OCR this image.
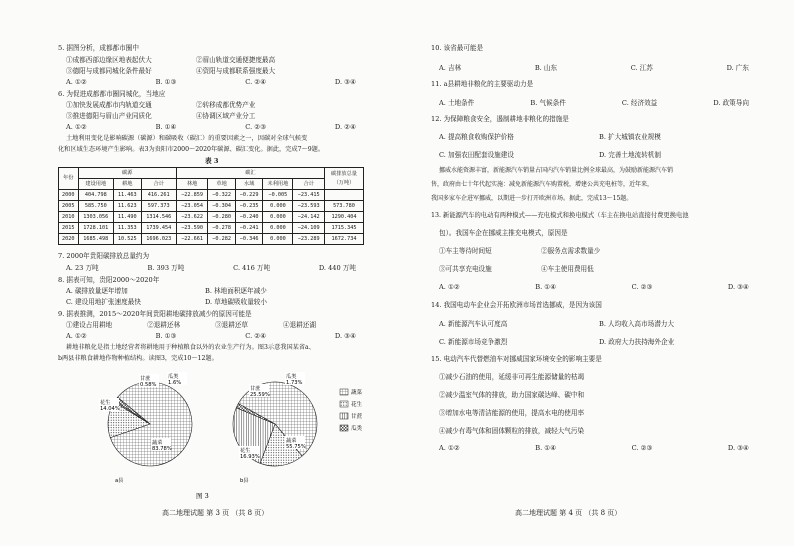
5. 据图分析，成都都市圈中
①成都西部边缘区地表起伏大	②眉山轨道交通便捷度最高
③德阳与成都同城化条件最好	④资阳与成都联系强度最大
A. ①②	B. ①③	C. ②④	D. ③④
6. 为促进成都都市圈同城化，当地应
①加快发展成都市内轨道交通	②转移成都优势产业
③推进德阳与眉山产业同质化	④协调区域产业分工
A. ①②	B. ①④	C. ②③	D. ②④
土地利用变化是影响碳源（碳源）和碳吸收（碳汇）的重要因素之一，因碳对全球气候变
化和区域生态环境产生影响。表3为贵阳市2000～2020年碳源、碳汇变化。据此，完成7～9题。
表 3
年份	碳源			碳汇					碳排放总量（万吨）
	建设用地	耕地	合计	林地	草地	水域	未利用地	合计	
2000	404.798	11.463	416.261	−22.859	−0.322	−0.229	−0.005	−23.415	
2005	585.750	11.623	597.373	−23.054	−0.304	−0.235	0.000	−23.593	573.780
2010	1303.056	11.490	1314.546	−23.622	−0.280	−0.240	0.000	−24.142	1290.404
2015	1728.101	11.353	1739.454	−23.590	−0.278	−0.241	0.000	−24.109	1715.345
2020	1685.498	10.525	1696.023	−22.661	−0.282	−0.346	0.000	−23.289	1672.734
7. 2000年贵阳碳排放总量约为
A. 23 万吨	B. 393 万吨	C. 416 万吨	D. 440 万吨
8. 据表可知，贵阳2000～2020年
A. 碳排放量逐年增加	B. 林地面积逐年减少
C. 建设用地扩张速度最快	D. 草地碳吸收量较小
9. 据表推测，2015～2020年间贵阳耕地碳排放减少的原因可能是
①建设占用耕地	②退耕还林	③退耕还草	④退耕还湖
A. ①②	B. ①③	C. ②④	D. ③④
耕地非粮化是指土地经营者将耕地用于种植粮食以外的农业生产行为。图3示意我国某省a、
b两县非粮食耕地作物种植结构。读图3，完成10～12题。
蔬菜
83.78%
花生
14.04%
甘蔗
0.58%
瓜类
1.6%
蔬菜
55.75%
花生
16.93%
甘蔗
25.59%
瓜类
1.73%
蔬菜
花生
甘蔗
瓜类
a县	b县
图 3
高二地理试题 第 3 页 （共 8 页）
10. 该省最可能是
A. 吉林	B. 山东	C. 江苏	D. 广东
11. a县耕地非粮化的主要驱动力是
A. 土地条件	B. 气候条件	C. 经济效益	D. 政策导向
12. 为保障粮食安全，遏制耕地非粮化的措施是
A. 提高粮食收购保护价格	B. 扩大城镇农业规模
C. 加强农田配套设施建设	D. 完善土地流转机制
挪威水能资源丰富，新能源汽车销量占国内汽车销量比例全球最高，为鼓励新能源汽车销
售，政府由七十年代起实施：减免新能源汽车购置税，增建公共充电桩等，近年来，
我国多家车企进军挪威，以期进一步打开欧洲市场。据此，完成13～15题。
13. 新能源汽车的电动有两种模式——充电模式和换电模式（车主在换电站直接付费更换电池
包）。我国车企在挪威主推充电模式，原因是
①车主等待时间短	②服务点需求数量少
③可共享充电设施	④车主使用费用低
A. ①②	B. ①④	C. ②③	D. ③④
14. 我国电动车企业会开拓欧洲市场首选挪威，是因为该国
A. 新能源汽车认可度高	B. 人均收入高市场潜力大
C. 新能源市场竞争激烈	D. 政府大力扶持海外企业
15. 电动汽车代替燃油车对挪威国家环境安全的影响主要是
①减少石油的使用，延缓非可再生能源储量的枯竭
②减少温室气体的排放，助力国家碳达峰、碳中和
③增加水电等清洁能源的使用，提高水电的使用率
④减少有毒气体和固体颗粒的排放，减轻大气污染
A. ①②	B. ①④	C. ②③	D. ③④
高二地理试题 第 4 页 （共 8 页）
